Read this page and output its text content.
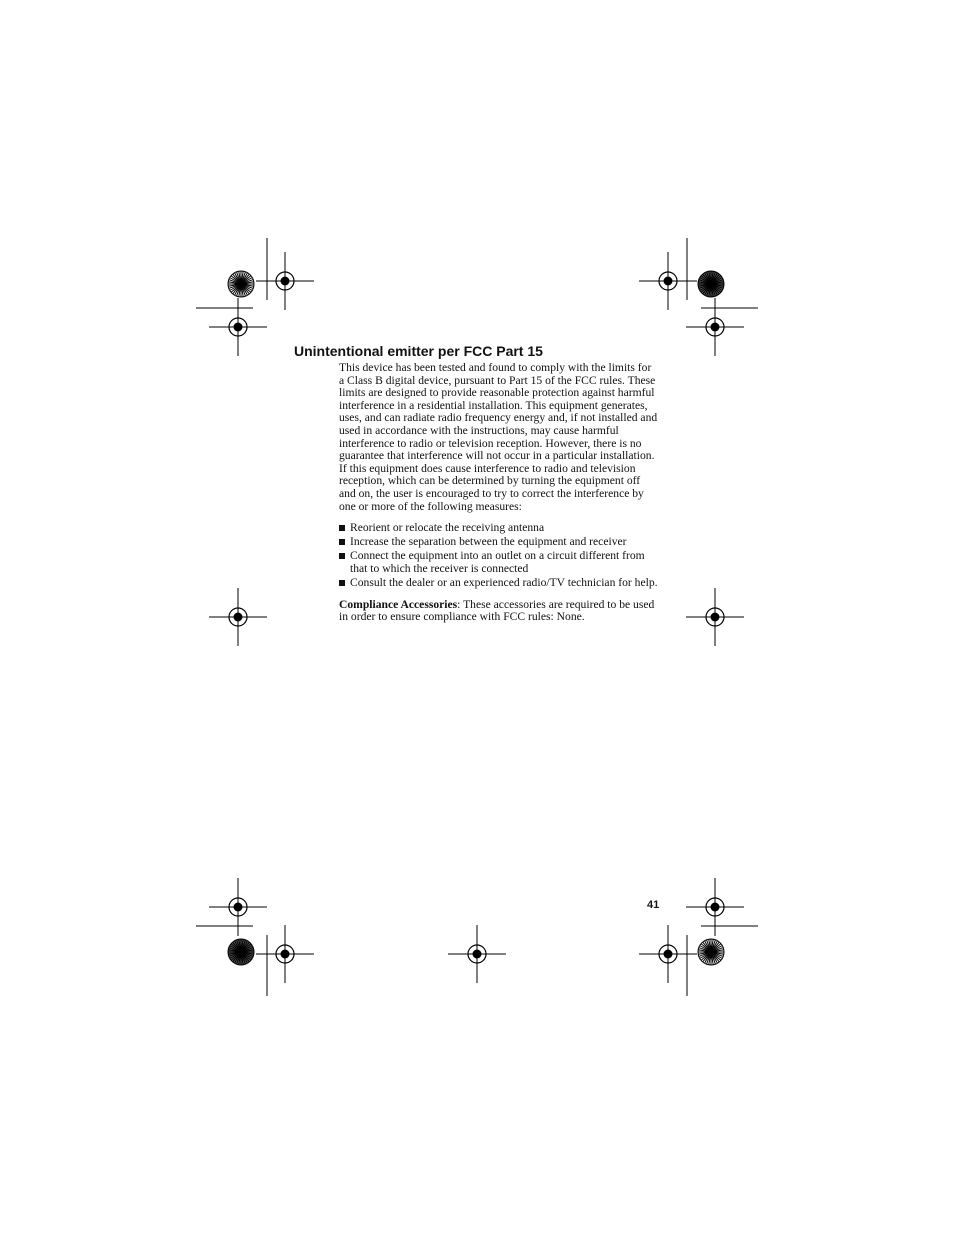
Unintentional emitter per FCC Part 15

This device has been tested and found to comply with the limits for a Class B digital device, pursuant to Part 15 of the FCC rules. These limits are designed to provide reasonable protection against harmful interference in a residential installation. This equipment generates, uses, and can radiate radio frequency energy and, if not installed and used in accordance with the instructions, may cause harmful interference to radio or television reception. However, there is no guarantee that interference will not occur in a particular installation. If this equipment does cause interference to radio and television reception, which can be determined by turning the equipment off and on, the user is encouraged to try to correct the interference by one or more of the following measures:

Reorient or relocate the receiving antenna
Increase the separation between the equipment and receiver
Connect the equipment into an outlet on a circuit different from that to which the receiver is connected
Consult the dealer or an experienced radio/TV technician for help.

Compliance Accessories: These accessories are required to be used in order to ensure compliance with FCC rules: None.

41
